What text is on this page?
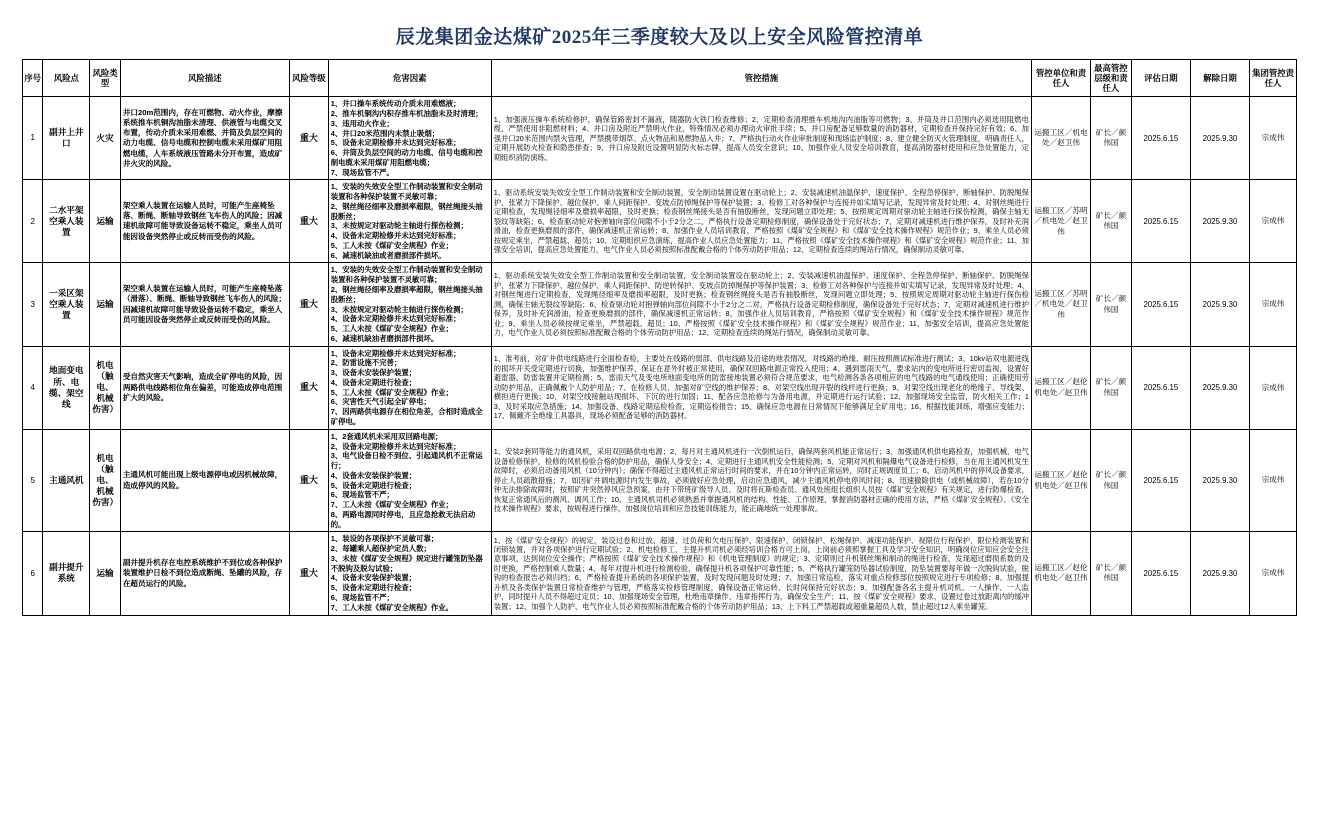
辰龙集团金达煤矿2025年三季度较大及以上安全风险管控清单
序号	风险点	风险类型	风险描述	风险等级	危害因素	管控措施	管控单位和责任人	最高管控层级和责任人	评估日期	解除日期	集团管控责任人
1	副井上井口	火灾	井口20m范围内，存在可燃物、动火作业，摩擦系统推车机铜沟油脂未清理、供液管与电缆交叉布置，传动介质未采用难燃、并筒及负层空间的动力电缆、信号电缆和控制电缆未采用煤矿用阻燃电缆，人车系统液压管路未分开布置，造成矿井火灾的风险。	重大	1、井口操车系统传动介质未用难燃液；
2、推车机铜沟内积存推车机油脂未及时清理；
3、违用动火作业；
4、井口20米范围内未禁止吸烟；
5、设备未定期检修并未达到完好标准；
6、井筒及负层空间的动力电缆、信号电缆和控制电缆未采用煤矿用阻燃电缆；
7、现场监管不严。	1、加强液压操车系统检修护，确保管路密封不漏液，随器防火铁门检查维修；2、定期检查清理推车机地沟内油脂等可燃物；3、并筒及井口范围内必须选用阻燃电缆，严禁使用非阻燃材料；4、井口房及附近严禁明火作业，特殊情况必须办理动火审批手续；5、并口房配备足够数量的消防器材，定期检查并保持完好有效；6、加强并口20米范围内禁火管理，严禁携带烟草、点火物品和易燃物品入井；7、严格执行动火作业审批制度和现场监护制度；8、建立健全防灭火管理制度，明确责任人，定期开展防火检查和隐患排查；9、井口房及附近设置明显防火标志牌，提高人员安全意识；10、加强作业人员安全培训教育，提高消防器材使用和应急处置能力，定期组织消防演练。	运搬工区／机电处／赵卫伟	矿长／颜伟国	2025.6.15	2025.9.30	宗成伟
2	二水平架空乘人装置	运输	架空乘人装置在运输人员时，可能产生座椅坠落、断绳、断轴导致钢丝飞车伤人的风险；因减速机故障可能导致设备运转不稳定，乘坐人员可能因设备突然停止或反转而受伤的风险。	重大	1、安装的失效安全型工作制动装置和安全制动装置和各种保护装置不灵敏可靠；
2、钢丝绳径细率及磨损率超限，钢丝绳接头抽股断丝；
3、未按规定对驱动轮主轴进行探伤检测；
4、设备未定期检修并未达到完好标准；
5、工人未按《煤矿安全规程》作业；
6、减速机缺油或者磨损部件损坏。	1、驱动系统安装失效安全型工作制动装置和安全制动装置，安全制动装置设置在驱动轮上；2、安装减速机油温保护、速度保护、全程急停保护、断轴保护、防脱绳保护、张紧力下降保护、越位保护、乘人间距保护、变坡点防掉绳保护等保护装置；3、检修工对各种保护与连接并如实填写记录，发现异常及时处理；4、对钢丝绳进行定期检查，发现绳径细率及磨损率超限，及时更换；检查钢丝绳接头是否有抽股断丝，发现问题立即处理；5、按照规定周期对驱动轮主轴进行探伤检测，确保主轴无裂纹等缺陷；6、检查驱动轮对抱弹轴向部位间隙不小于2分之二，严格执行设备定期检修制度，确保设备处于完好状态；7、定期对减速机进行维护保养，及时补充润滑油，检查更换磨损的部件，确保减速机正常运转；8、加强作业人员培训教育，严格按照《煤矿安全规程》和《煤矿安全技术操作规程》规范作业；9、乘坐人员必须按规定乘坐，严禁超载、超员；10、定期组织应急演练，提高作业人员应急处置能力；11、严格按照《煤矿安全技术操作规程》和《煤矿安全规程》规范作业；11、加强安全培训，提高应急处置能力，电气作业人员必须按照标准配戴合格的个体劳动防护用品；12、定期检查连续的绳站行情况，确保制动灵敏可靠。	运搬工区／苏明／机电处／赵卫伟	矿长／颜伟国	2025.6.15	2025.9.30	宗成伟
3	一采区架空乘人装置	运输	架空乘人装置在运输人员时，可能产生座椅坠落（滑落）、断绳、断轴导致钢丝飞车伤人的风险；因减速机故障可能导致设备运转不稳定，乘坐人员可能因设备突然停止或反转而受伤的风险。	重大	1、安装的失效安全型工作制动装置和安全制动装置和各种保护装置不灵敏可靠；
2、钢丝绳径细率及磨损率超限，钢丝绳接头抽股断丝；
3、未按规定对驱动轮主轴进行探伤检测；
4、设备未定期检修并未达到完好标准；
5、工人未按《煤矿安全规程》作业；
6、减速机缺油者磨损部件损坏。	1、驱动系统安装失效安全型工作制动装置和安全制动装置，安全制动装置设在驱动轮上；2、安装减速机油温保护、速度保护、全程急停保护、断轴保护、防脱绳保护、张紧力下降保护、越位保护、乘人间距保护、防逆转保护、变坡点防掉绳保护等保护装置；3、检修工对各种保护与连接并如实填写记录，发现异常及时处理；4、对钢丝绳进行定期检查，发现绳径细率及磨损率超限，及时更换；检查钢丝绳接头是否有抽股断丝，发现问题立即处理；5、按照规定周期对驱动轮主轴进行探伤检测，确保主轴无裂纹等缺陷；6、检查驱动轮对抱弹轴向部位间隙不小于2分之二对，严格执行设备定期检修制度，确保设备处于完好状态；7、定期对减速机进行维护保养，及时补充润滑油，检查更换磨损的部件，确保减速机正常运转；8、加强作业人员培训教育，严格按照《煤矿安全规程》和《煤矿安全技术操作规程》规范作业；9、乘坐人员必须按规定乘坐，严禁超载、超员；10、严格按照《煤矿安全技术操作规程》和《煤矿安全规程》规范作业；11、加强安全培训，提高应急处置能力，电气作业人员必须按照标准配戴合格的个体劳动防护用品；12、定期检查连续的绳站行情况，确保制动灵敏可靠。	运搬工区／苏明／机电处／赵卫伟	矿长／颜伟国	2025.6.15	2025.9.30	宗成伟
4	地面变电所、电缆、架空线	机电（触电、机械伤害）	受自然灾害天气影响，造成全矿停电的风险，因两路供电线路相位角在偏差，可能造成停电范围扩大的风险。	重大	1、设备未定期检修并未达到完好标准；
2、防雷设施不完善；
3、设备未安装保护装置；
4、设备未定期进行检查；
5、工人未按《煤矿安全规程》作业；
6、灾害性天气引起全矿停电；
7、因两路供电源存在相位角差，合相时造成全矿停电。	1、准考前，对矿井供电线路进行全面检查检，主要处在线路的弱部、供电线路及沿途的地表情况，对线路的绝缘、耐压按照测试标准进行测试；3、10kv站双电源进线的损坏开关受定期进行切换，加强维护保养，保证在意外时被正常使用，确保双回路电源正常投入使用；4、遇到雷雨天气，要求站内的变电所进行密切监视，设置好避雷器、防雷装置并定期检测；5、雷雨天气及变电所地面变电所的防雷接地装置必须符合规范要求，电气检测各条各项相应的电气线路的电气通线使用；正确使用劳动防护用品，正确佩戴个人防护用品；7、在检修人员、加强对矿空线的维护保养；8、对架空线出现开裂的线杆进行更换；9、对架空线出现老化的绝缘子、导线架、横担进行更换；10、对架空线接触站现损坏、下沉的进行加固；11、配各应急抢修与为备用电源，并定期进行运行试验；12、加强现场安全监管，防火相关工作；13、及时采取应急措施；14、加强设备、线路定期巡检检查，定期巡检报告；15、确保应急电源在日常情况下能够满足全矿用电；16、根据技能训练，增强应变能力；17、佩戴齐全绝缘工具器具，现场必须配备足够的消防器材。	运搬工区／赵伦机电处／赵卫伟	矿长／颜伟国	2025.6.15	2025.9.30	宗成伟
5	主通风机	机电（触电、机械伤害）	主通风机可能出现上级电源停电或因机械故障，造成停风的风险。	重大	1、2套通风机未采用双回路电源；
2、设备未定期检修并未达到完好标准；
3、电气设备日检不到位、引起通风机不正常运行；
4、设备未安装保护装置；
5、设备未定期进行检查；
6、现场监管不严；
7、工人未按《煤矿安全规程》作业；
8、两路电源同时停电，且应急抢救无法启动的。	1、安装2套同等能力的通风机，采用双回路供电电源；2、每月对主通风机进行一次倒机运行，确保两套风机能正常运行；3、加强通风机供电路检查，加强机械、电气设备检修保护，检修的风机检验合格的防护用品，确保人身安全；4、定期进行主通风机安全性能检测；5、定期对风机和隔爆电气设备进行检修，当在用主通风机发生故障时，必须启动备用风机（10分钟内）；确保不得超过主通风机正常运行时间的要求，并在10分钟内正常运转，同时正规调度员工；6、启动风机中的停风设备要求，停止人员疏散措施；7、如因矿井调电源时内发生事故，必须做好应急处理，启动应急通风，减少主通风机停电停风时间；8、迅速撤除供电（或机械故障），若在10分钟无法排除故障时，按照矿井突然停风应急预案，由井下带班矿级导人员、及时将瓦斯检查员、通风处班组长组织人员按《煤矿安全规程》有关规定，进行防爆检查，恢复正常通风后的测风、调风工作；10、主通风机司机必须熟悉并掌握通风机的结构、性能、工作原理，掌握消防器材正确的使用方法，严格《煤矿安全规程》、《安全技术操作规程》要求，按规程进行操作，加强岗位培训和应急技能训练能力，能正确地统一处理事故。	运搬工区／赵伦机电处／赵卫伟	矿长／颜伟国	2025.6.15	2025.9.30	宗成伟
6	副井提升系统	运输	副井提升机存在电控系统维护不到位或各种保护装置维护日检不到位造成断绳、坠罐的风险，存在超员运行的风险。	重大	1、装设的各项保护不灵敏可靠；
2、每罐乘人超保护定员人数；
3、未按《煤矿安全规程》规定进行罐笼防坠器不脱钩及脱勾试验；
4、设备未安装保护装置；
5、设备未定期进行检查；
6、现场监管不严；
7、工人未按《煤矿安全规程》作业。	1、按《煤矿安全规程》的规定，装设过卷和过放、超速、过负荷和欠电压保护、限速保护、闭锁保护、松绳保护、减速功能保护、视限位行程保护、限位检测装置和闭锁装置，并对各项保护进行定期试验；2、机电检修工、主提升机司机必须经培训合格方可上岗，上岗前必须照掌握工具及学习安全知识，明确岗位应知应会安全注意事项，达到岗位安全操作；严格按照《煤矿安全技术操作规程》和《机电管理制度》的规定；3、定期则过升机钢丝绳和制动的绳进行检查，发现超过磨损系数的及时更换，严格控制乘人数量；4、每年对提升机进行检测检验，确保提升机各项保护可靠性能；5、严格执行罐笼防坠器试验制度，防坠装置要每年做一次脱钩试验，脱钩的检查报告必须归档；6、严格检查提升系统的各项保护装置，及时发现问题及时处理；7、加强日常巡检，落实对重点检修部位按照规定进行专项检修；8、加强提升机及各类保护装置日常检查维护与管理，严格落实检修管理制度，确保设备正常运转、长时间保持完好状态；9、加强配备各名主提升机司机、一人操作、一人监护，同时提升人员不得超过定员；10、加强现场安全管理，杜绝违章操作、违章指挥行为，确保安全生产；11、按《煤矿安全规程》要求，设置过卷过放距离内的缓冲装置；12、加强个人防护、电气作业人员必须按照标准配戴合格的个体劳动防护用品；13、上下料工严禁超载或超重量超员人数，禁止超过12人乘坐罐笼。	运搬工区／赵伦机电处／赵卫伟	矿长／颜伟国	2025.6.15	2025.9.30	宗成伟
